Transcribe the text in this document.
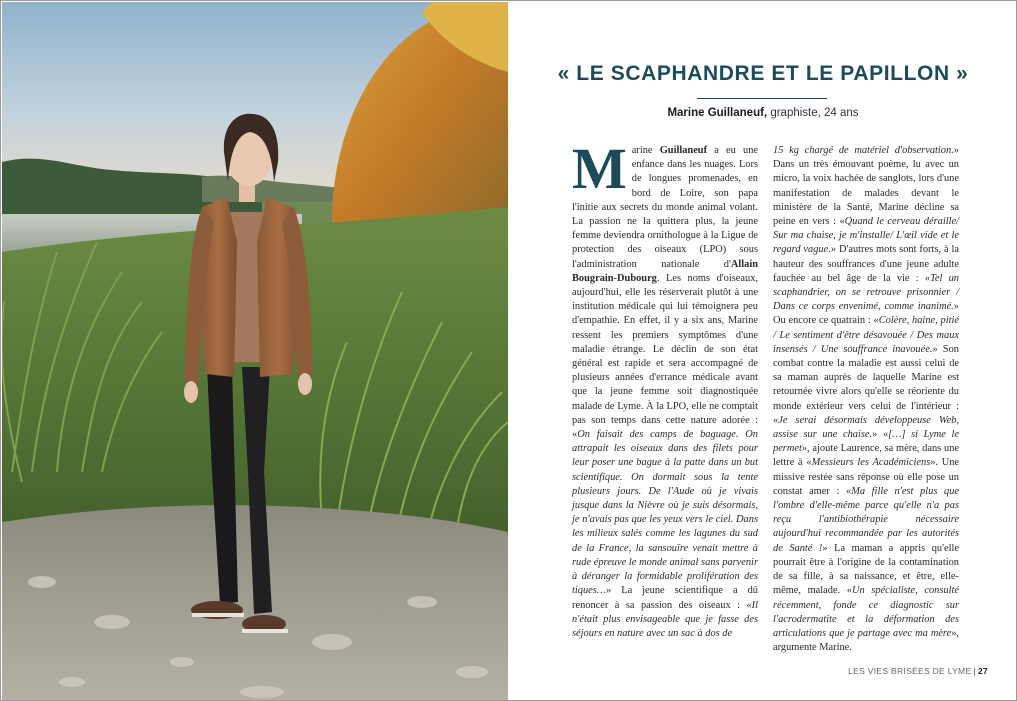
« LE SCAPHANDRE ET LE PAPILLON »
Marine Guillaneuf, graphiste, 24 ans

Marine Guillaneuf a eu une enfance dans les nuages. Lors de longues promenades, en bord de Loire, son papa l'initie aux secrets du monde animal volant. La passion ne la quittera plus, la jeune femme deviendra ornithologue à la Ligue de protection des oiseaux (LPO) sous l'administration nationale d'Allain Bougrain-Dubourg. Les noms d'oiseaux, aujourd'hui, elle les réserverait plutôt à une institution médicale qui lui témoignera peu d'empathie. En effet, il y a six ans, Marine ressent les premiers symptômes d'une maladie étrange. Le déclin de son état général est rapide et sera accompagné de plusieurs années d'errance médicale avant que la jeune femme soit diagnostiquée malade de Lyme. À la LPO, elle ne comptait pas son temps dans cette nature adorée : «On faisait des camps de baguage. On attrapait les oiseaux dans des filets pour leur poser une bague à la patte dans un but scientifique. On dormait sous la tente plusieurs jours. De l'Aude où je vivais jusque dans la Nièvre où je suis désormais, je n'avais pas que les yeux vers le ciel. Dans les milieux salés comme les lagunes du sud de la France, la sansouïre venait mettre à rude épreuve le monde animal sans parvenir à déranger la formidable prolifération des tiques…» La jeune scientifique a dû renoncer à sa passion des oiseaux : «Il n'était plus envisageable que je fasse des séjours en nature avec un sac à dos de

15 kg chargé de matériel d'observation.» Dans un très émouvant poème, lu avec un micro, la voix hachée de sanglots, lors d'une manifestation de malades devant le ministère de la Santé, Marine décline sa peine en vers : «Quand le cerveau déraille/ Sur ma chaise, je m'installe/ L'œil vide et le regard vague.» D'autres mots sont forts, à la hauteur des souffrances d'une jeune adulte fauchée au bel âge de la vie : «Tel un scaphandrier, on se retrouve prisonnier / Dans ce corps envenimé, comme inanimé.» Ou encore ce quatrain : «Colère, haine, pitié / Le sentiment d'être désavouée / Des maux insensés / Une souffrance inavouée.» Son combat contre la maladie est aussi celui de sa maman auprès de laquelle Marine est retournée vivre alors qu'elle se réoriente du monde extérieur vers celui de l'intérieur : «Je serai désormais développeuse Web, assise sur une chaise.» «[…] si Lyme le permet», ajoute Laurence, sa mère, dans une lettre à «Messieurs les Académiciens». Une missive restée sans réponse où elle pose un constat amer : «Ma fille n'est plus que l'ombre d'elle-même parce qu'elle n'a pas reçu l'antibiothérapie nécessaire aujourd'hui recommandée par les autorités de Santé !» La maman a appris qu'elle pourrait être à l'origine de la contamination de sa fille, à sa naissance, et être, elle-même, malade. «Un spécialiste, consulté récemment, fonde ce diagnostic sur l'acrodermatite et la déformation des articulations que je partage avec ma mère», argumente Marine.

LES VIES BRISÉES DE LYME | 27
